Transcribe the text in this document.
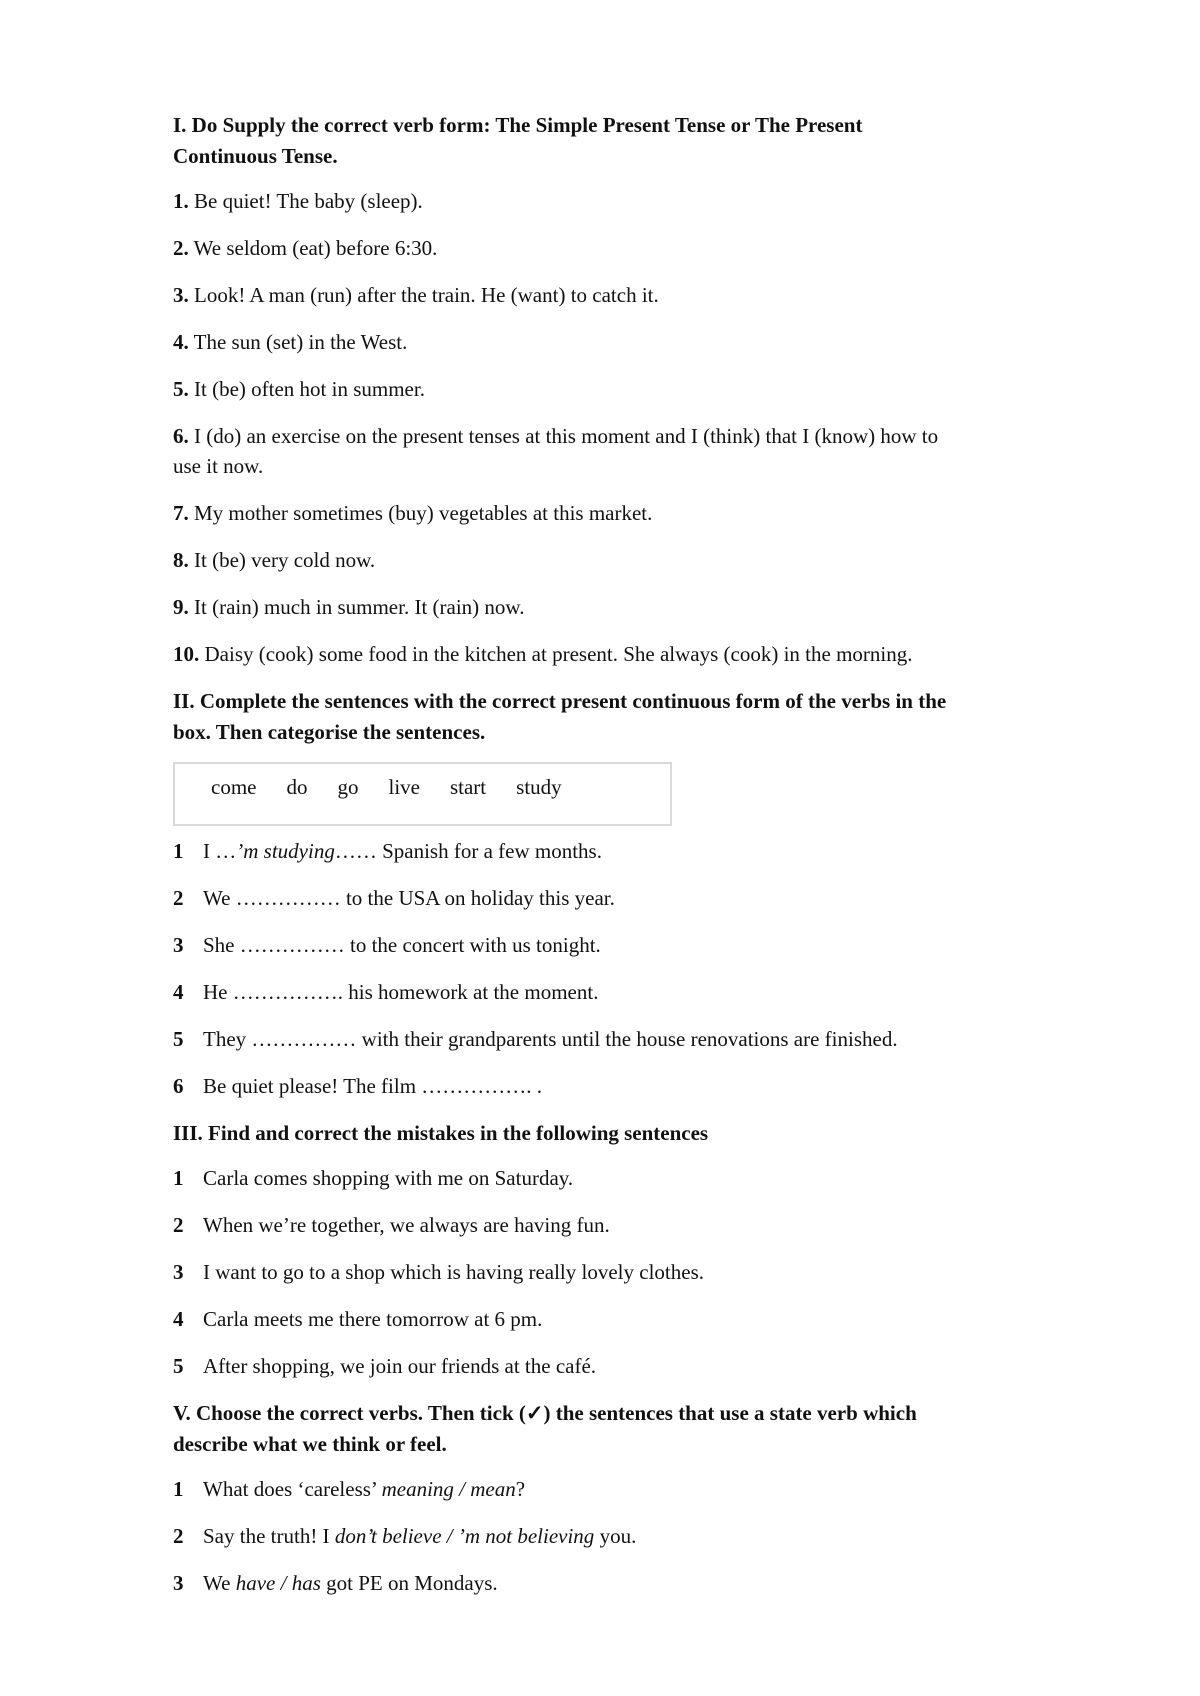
I. Do Supply the correct verb form: The Simple Present Tense or The Present
Continuous Tense.
1. Be quiet! The baby (sleep).
2. We seldom (eat) before 6:30.
3. Look! A man (run) after the train. He (want) to catch it.
4. The sun (set) in the West.
5. It (be) often hot in summer.
6. I (do) an exercise on the present tenses at this moment and I (think) that I (know) how to
use it now.
7. My mother sometimes (buy) vegetables at this market.
8. It (be) very cold now.
9. It (rain) much in summer. It (rain) now.
10. Daisy (cook) some food in the kitchen at present. She always (cook) in the morning.
II. Complete the sentences with the correct present continuous form of the verbs in the
box. Then categorise the sentences.
come do go live start study
1 I …’m studying…… Spanish for a few months.
2 We …………… to the USA on holiday this year.
3 She …………… to the concert with us tonight.
4 He ……………. his homework at the moment.
5 They …………… with their grandparents until the house renovations are finished.
6 Be quiet please! The film ……………. .
III. Find and correct the mistakes in the following sentences
1 Carla comes shopping with me on Saturday.
2 When we’re together, we always are having fun.
3 I want to go to a shop which is having really lovely clothes.
4 Carla meets me there tomorrow at 6 pm.
5 After shopping, we join our friends at the café.
V. Choose the correct verbs. Then tick (✓) the sentences that use a state verb which
describe what we think or feel.
1 What does ‘careless’ meaning / mean?
2 Say the truth! I don’t believe / ’m not believing you.
3 We have / has got PE on Mondays.
